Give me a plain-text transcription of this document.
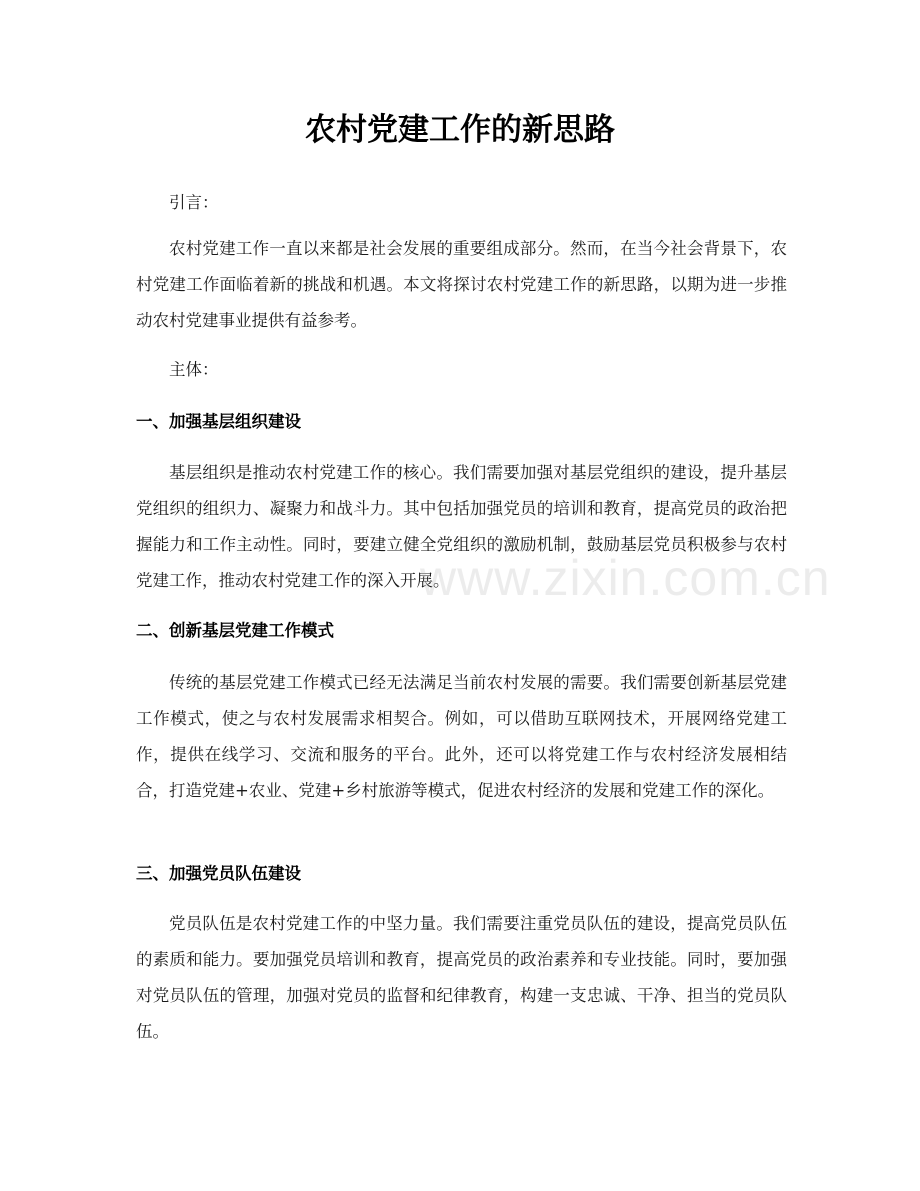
农村党建工作的新思路

引言：

农村党建工作一直以来都是社会发展的重要组成部分。然而，在当今社会背景下，农村党建工作面临着新的挑战和机遇。本文将探讨农村党建工作的新思路，以期为进一步推动农村党建事业提供有益参考。

主体：

一、加强基层组织建设

基层组织是推动农村党建工作的核心。我们需要加强对基层党组织的建设，提升基层党组织的组织力、凝聚力和战斗力。其中包括加强党员的培训和教育，提高党员的政治把握能力和工作主动性。同时，要建立健全党组织的激励机制，鼓励基层党员积极参与农村党建工作，推动农村党建工作的深入开展。

二、创新基层党建工作模式

传统的基层党建工作模式已经无法满足当前农村发展的需要。我们需要创新基层党建工作模式，使之与农村发展需求相契合。例如，可以借助互联网技术，开展网络党建工作，提供在线学习、交流和服务的平台。此外，还可以将党建工作与农村经济发展相结合，打造党建+农业、党建+乡村旅游等模式，促进农村经济的发展和党建工作的深化。

三、加强党员队伍建设

党员队伍是农村党建工作的中坚力量。我们需要注重党员队伍的建设，提高党员队伍的素质和能力。要加强党员培训和教育，提高党员的政治素养和专业技能。同时，要加强对党员队伍的管理，加强对党员的监督和纪律教育，构建一支忠诚、干净、担当的党员队伍。

www.zixin.com.cn
